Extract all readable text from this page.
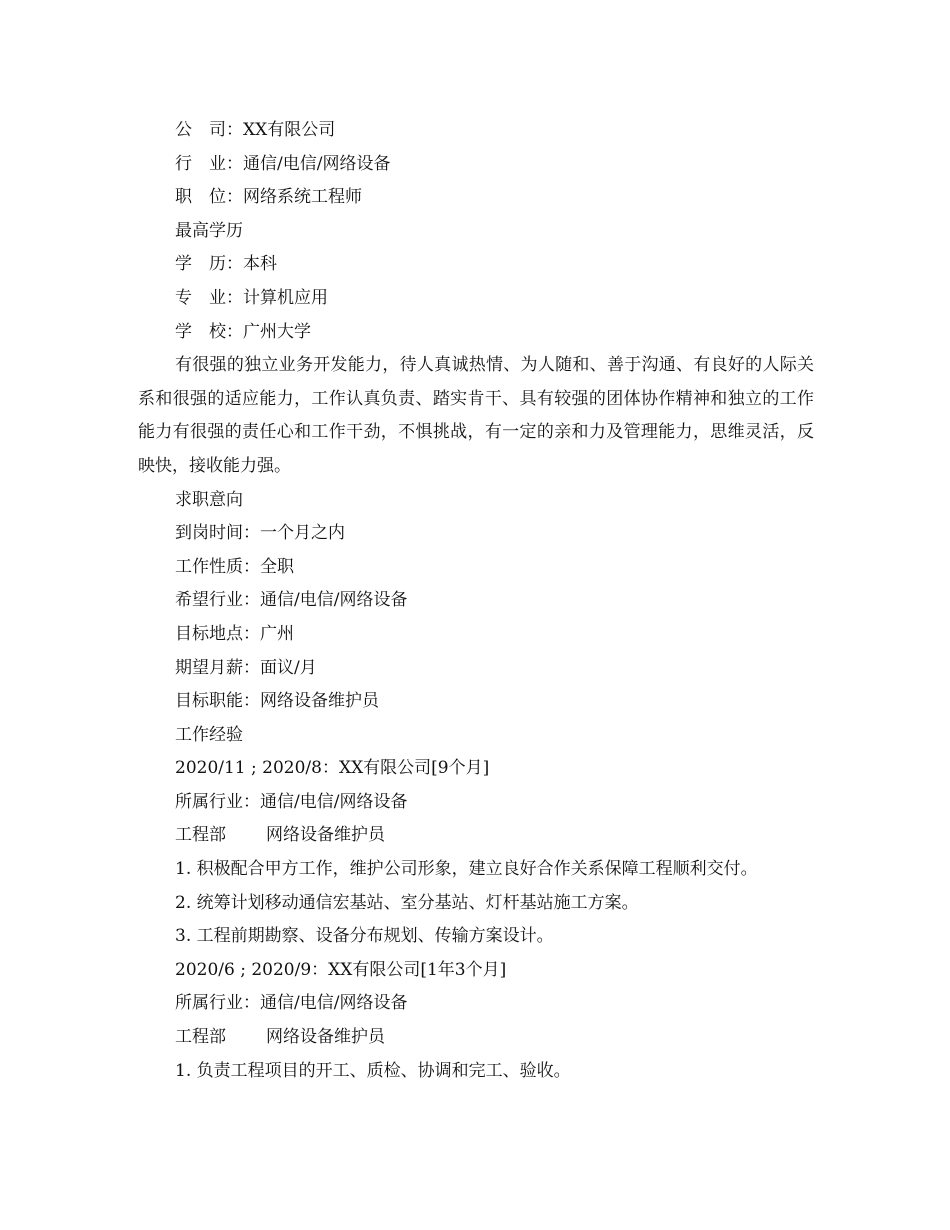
公　司：XX有限公司
行　业：通信/电信/网络设备
职　位：网络系统工程师
最高学历
学　历：本科
专　业：计算机应用
学　校：广州大学
有很强的独立业务开发能力，待人真诚热情、为人随和、善于沟通、有良好的人际关系和很强的适应能力，工作认真负责、踏实肯干、具有较强的团体协作精神和独立的工作能力有很强的责任心和工作干劲，不惧挑战，有一定的亲和力及管理能力，思维灵活，反映快，接收能力强。
求职意向
到岗时间：一个月之内
工作性质：全职
希望行业：通信/电信/网络设备
目标地点：广州
期望月薪：面议/月
目标职能：网络设备维护员
工作经验
2020/11 ; 2020/8：XX有限公司[9个月]
所属行业：通信/电信/网络设备
工程部 网络设备维护员
1. 积极配合甲方工作，维护公司形象，建立良好合作关系保障工程顺利交付。
2. 统筹计划移动通信宏基站、室分基站、灯杆基站施工方案。
3. 工程前期勘察、设备分布规划、传输方案设计。
2020/6 ; 2020/9：XX有限公司[1年3个月]
所属行业：通信/电信/网络设备
工程部 网络设备维护员
1. 负责工程项目的开工、质检、协调和完工、验收。
